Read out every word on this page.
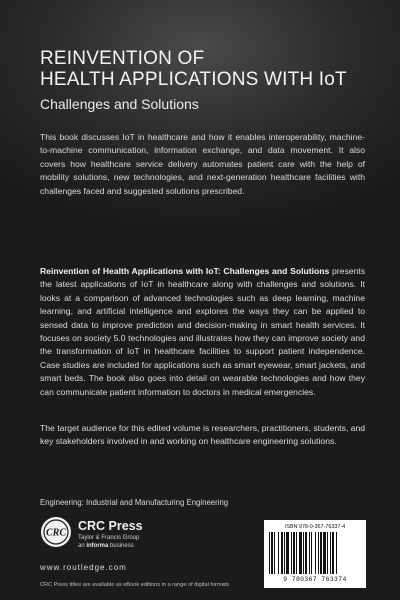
REINVENTION OF
HEALTH APPLICATIONS WITH IoT
Challenges and Solutions

This book discusses IoT in healthcare and how it enables interoperability, machine-to-machine communication, information exchange, and data movement. It also covers how healthcare service delivery automates patient care with the help of mobility solutions, new technologies, and next-generation healthcare facilities with challenges faced and suggested solutions prescribed.

Reinvention of Health Applications with IoT: Challenges and Solutions presents the latest applications of IoT in healthcare along with challenges and solutions. It looks at a comparison of advanced technologies such as deep learning, machine learning, and artificial intelligence and explores the ways they can be applied to sensed data to improve prediction and decision-making in smart health services. It focuses on society 5.0 technologies and illustrates how they can improve society and the transformation of IoT in healthcare facilities to support patient independence. Case studies are included for applications such as smart eyewear, smart jackets, and smart beds. The book also goes into detail on wearable technologies and how they can communicate patient information to doctors in medical emergencies.

The target audience for this edited volume is researchers, practitioners, students, and key stakeholders involved in and working on healthcare engineering solutions.

Engineering: Industrial and Manufacturing Engineering
CRC CRC Press
Taylor & Francis Group
an informa business
www.routledge.com
CRC Press titles are available as eBook editions in a range of digital formats
ISBN 978-0-367-76337-4
9 780367 763374
